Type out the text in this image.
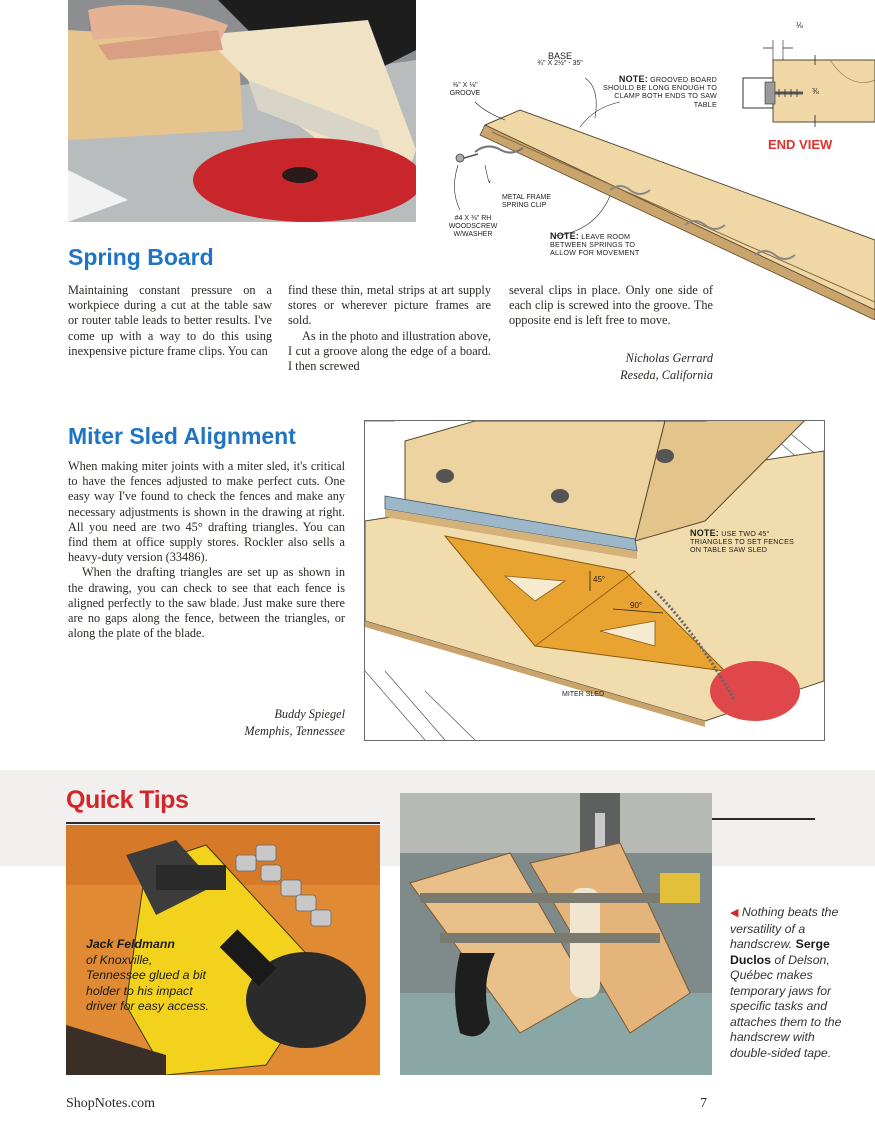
BASE
¾" X 2½" - 35"
⅜" X ⅛"
GROOVE
NOTE: GROOVED BOARD SHOULD BE LONG ENOUGH TO CLAMP BOTH ENDS TO SAW TABLE
METAL FRAME SPRING CLIP
#4 X ⅜" RH WOODSCREW W/WASHER	NOTE: LEAVE ROOM BETWEEN SPRINGS TO ALLOW FOR MOVEMENT
⅛
⅜
END VIEW
Spring Board

Maintaining constant pressure on a workpiece during a cut at the table saw or router table leads to better results. I've come up with a way to do this using inexpensive picture frame clips. You can

find these thin, metal strips at art supply stores or wherever picture frames are sold.

As in the photo and illustration above, I cut a groove along the edge of a board. I then screwed

several clips in place. Only one side of each clip is screwed into the groove. The opposite end is left free to move.

Nicholas Gerrard
Reseda, California
Miter Sled Alignment

When making miter joints with a miter sled, it's critical to have the fences adjusted to make perfect cuts. One easy way I've found to check the fences and make any necessary adjustments is shown in the drawing at right. All you need are two 45° drafting triangles. You can find them at office supply stores. Rockler also sells a heavy-duty version (33486).

When the drafting triangles are set up as shown in the drawing, you can check to see that each fence is aligned perfectly to the saw blade. Just make sure there are no gaps along the fence, between the triangles, or along the plate of the blade.

Buddy Spiegel
Memphis, Tennessee
NOTE: USE TWO 45° TRIANGLES TO SET FENCES ON TABLE SAW SLED
45°
90°
MITER SLED
Quick Tips
Jack Feldmann
of Knoxville, Tennessee glued a bit holder to his impact driver for easy access.
◀ Nothing beats the versatility of a handscrew. Serge Duclos of Delson, Québec makes temporary jaws for specific tasks and attaches them to the handscrew with double-sided tape.
ShopNotes.com	7
